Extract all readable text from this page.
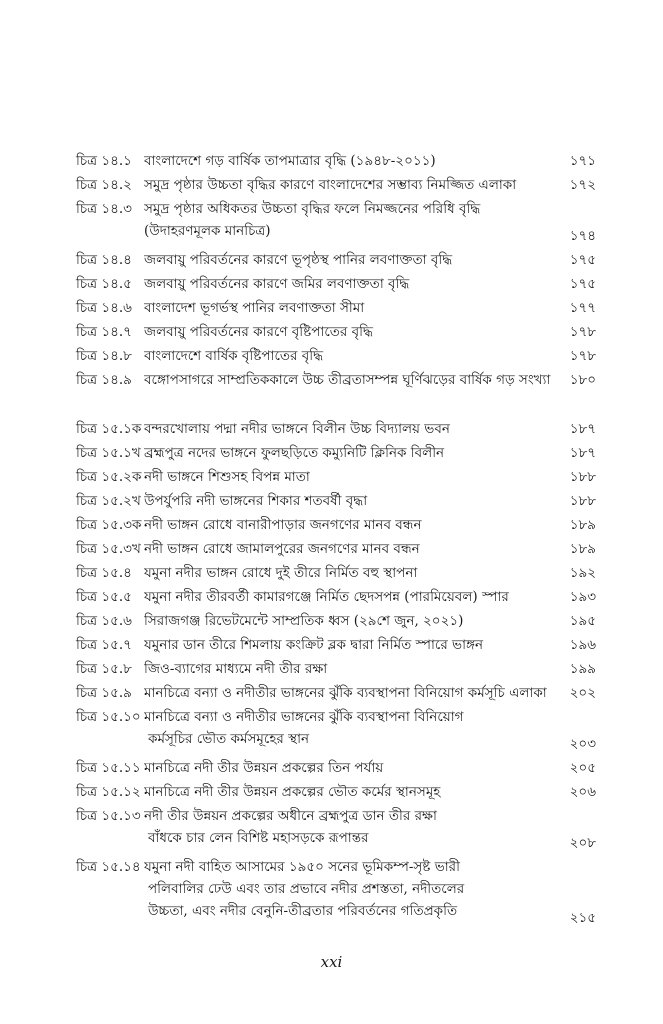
চিত্র ১৪.১ বাংলাদেশে গড় বার্ষিক তাপমাত্রার বৃদ্ধি (১৯৪৮-২০১১)	১৭১
চিত্র ১৪.২ সমুদ্র পৃষ্ঠার উচ্চতা বৃদ্ধির কারণে বাংলাদেশের সম্ভাব্য নিমজ্জিত এলাকা	১৭২
চিত্র ১৪.৩ সমুদ্র পৃষ্ঠার অধিকতর উচ্চতা বৃদ্ধির ফলে নিমজ্জনের পরিধি বৃদ্ধি
(উদাহরণমূলক মানচিত্র)	১৭৪
চিত্র ১৪.৪ জলবায়ু পরিবর্তনের কারণে ভূপৃষ্ঠস্থ পানির লবণাক্ততা বৃদ্ধি	১৭৫
চিত্র ১৪.৫ জলবায়ু পরিবর্তনের কারণে জমির লবণাক্ততা বৃদ্ধি	১৭৫
চিত্র ১৪.৬ বাংলাদেশ ভূগর্ভস্থ পানির লবণাক্ততা সীমা	১৭৭
চিত্র ১৪.৭ জলবায়ু পরিবর্তনের কারণে বৃষ্টিপাতের বৃদ্ধি	১৭৮
চিত্র ১৪.৮ বাংলাদেশে বার্ষিক বৃষ্টিপাতের বৃদ্ধি	১৭৮
চিত্র ১৪.৯ বঙ্গোপসাগরে সাম্প্রতিককালে উচ্চ তীব্রতাসম্পন্ন ঘূর্ণিঝড়ের বার্ষিক গড় সংখ্যা ১৮০
চিত্র ১৫.১ক বন্দরখোলায় পদ্মা নদীর ভাঙ্গনে বিলীন উচ্চ বিদ্যালয় ভবন	১৮৭
চিত্র ১৫.১খ ব্রহ্মপুত্র নদের ভাঙ্গনে ফুলছড়িতে কম্যুনিটি ক্লিনিক বিলীন	১৮৭
চিত্র ১৫.২ক নদী ভাঙ্গনে শিশুসহ বিপন্ন মাতা	১৮৮
চিত্র ১৫.২খ উপর্যুপরি নদী ভাঙ্গনের শিকার শতবর্ষী বৃদ্ধা	১৮৮
চিত্র ১৫.৩ক নদী ভাঙ্গন রোধে বানারীপাড়ার জনগণের মানব বন্ধন	১৮৯
চিত্র ১৫.৩খ নদী ভাঙ্গন রোধে জামালপুরের জনগণের মানব বন্ধন	১৮৯
চিত্র ১৫.৪ যমুনা নদীর ভাঙ্গন রোধে দুই তীরে নির্মিত বহু স্থাপনা	১৯২
চিত্র ১৫.৫ যমুনা নদীর তীরবর্তী কামারগঞ্জে নির্মিত ছেদসপন্ন (পারমিয়েবল) স্পার	১৯৩
চিত্র ১৫.৬ সিরাজগঞ্জ রিভেটমেন্টে সাম্প্রতিক ধ্বস (২৯শে জুন, ২০২১)	১৯৫
চিত্র ১৫.৭ যমুনার ডান তীরে শিমলায় কংক্রিট ব্লক দ্বারা নির্মিত স্পারে ভাঙ্গন	১৯৬
চিত্র ১৫.৮ জিও-ব্যাগের মাধ্যমে নদী তীর রক্ষা	১৯৯
চিত্র ১৫.৯ মানচিত্রে বন্যা ও নদীতীর ভাঙ্গনের ঝুঁকি ব্যবস্থাপনা বিনিয়োগ কর্মসূচি এলাকা	২০২
চিত্র ১৫.১০ মানচিত্রে বন্যা ও নদীতীর ভাঙ্গনের ঝুঁকি ব্যবস্থাপনা বিনিয়োগ
কর্মসূচির ভৌত কর্মসমূহের স্থান	২০৩
চিত্র ১৫.১১ মানচিত্রে নদী তীর উন্নয়ন প্রকল্পের তিন পর্যায়	২০৫
চিত্র ১৫.১২ মানচিত্রে নদী তীর উন্নয়ন প্রকল্পের ভৌত কর্মের স্থানসমূহ	২০৬
চিত্র ১৫.১৩ নদী তীর উন্নয়ন প্রকল্পের অধীনে ব্রহ্মপুত্র ডান তীর রক্ষা
বাঁধকে চার লেন বিশিষ্ট মহাসড়কে রূপান্তর	২০৮
চিত্র ১৫.১৪ যমুনা নদী বাহিত আসামের ১৯৫০ সনের ভূমিকম্প-সৃষ্ট ভারী
পলিবালির ঢেউ এবং তার প্রভাবে নদীর প্রশস্ততা, নদীতলের
উচ্চতা, এবং নদীর বেনুনি-তীব্রতার পরিবর্তনের গতিপ্রকৃতি	২১৫
xxi
